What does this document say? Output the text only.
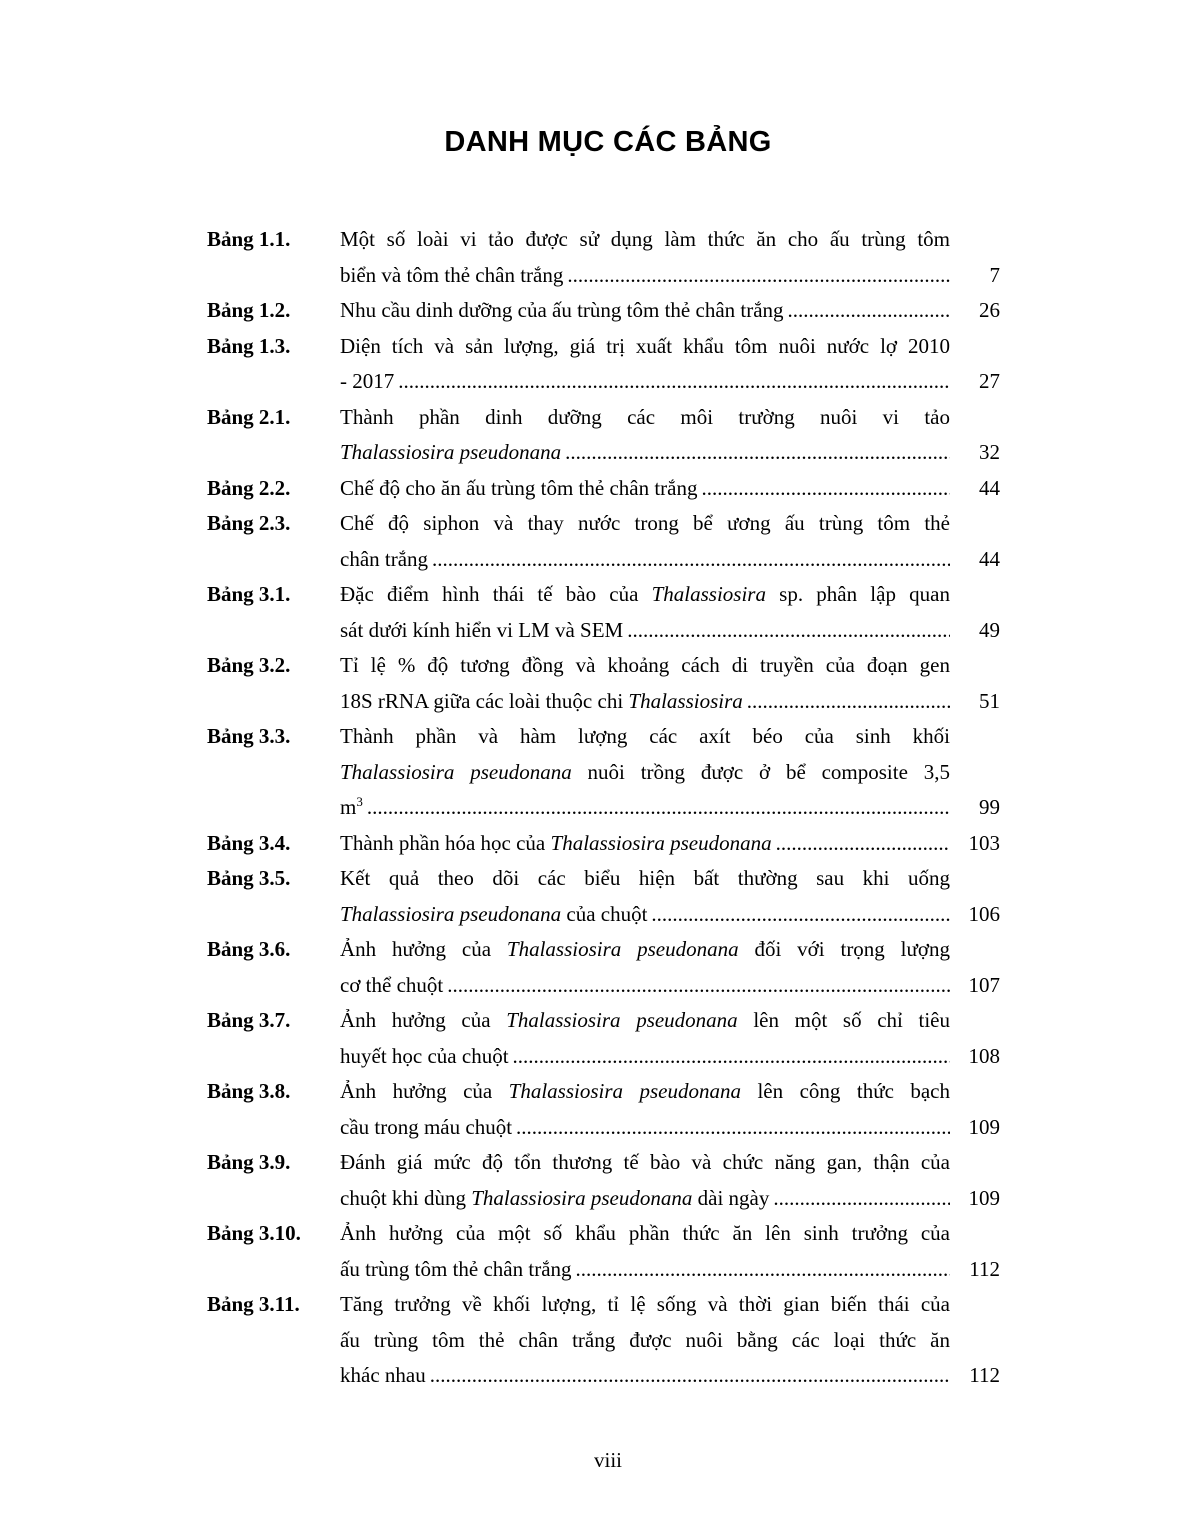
DANH MỤC CÁC BẢNG
Bảng 1.1.	Một số loài vi tảo được sử dụng làm thức ăn cho ấu trùng tôm
biển và tôm thẻ chân trắng .....	7
Bảng 1.2.	Nhu cầu dinh dưỡng của ấu trùng tôm thẻ chân trắng .....	26
Bảng 1.3.	Diện tích và sản lượng, giá trị xuất khẩu tôm nuôi nước lợ 2010
- 2017 .....	27
Bảng 2.1.	Thành phần dinh dưỡng các môi trường nuôi vi tảo
Thalassiosira pseudonana .....	32
Bảng 2.2.	Chế độ cho ăn ấu trùng tôm thẻ chân trắng .....	44
Bảng 2.3.	Chế độ siphon và thay nước trong bể ương ấu trùng tôm thẻ
chân trắng .....	44
Bảng 3.1.	Đặc điểm hình thái tế bào của Thalassiosira sp. phân lập quan
sát dưới kính hiển vi LM và SEM .....	49
Bảng 3.2.	Tỉ lệ % độ tương đồng và khoảng cách di truyền của đoạn gen
18S rRNA giữa các loài thuộc chi Thalassiosira .....	51
Bảng 3.3.	Thành phần và hàm lượng các axít béo của sinh khối
Thalassiosira pseudonana nuôi trồng được ở bể composite 3,5
$m^3$ .....	99
Bảng 3.4.	Thành phần hóa học của Thalassiosira pseudonana .....	103
Bảng 3.5.	Kết quả theo dõi các biểu hiện bất thường sau khi uống
Thalassiosira pseudonana của chuột .....	106
Bảng 3.6.	Ảnh hưởng của Thalassiosira pseudonana đối với trọng lượng
cơ thể chuột .....	107
Bảng 3.7.	Ảnh hưởng của Thalassiosira pseudonana lên một số chỉ tiêu
huyết học của chuột .....	108
Bảng 3.8.	Ảnh hưởng của Thalassiosira pseudonana lên công thức bạch
cầu trong máu chuột .....	109
Bảng 3.9.	Đánh giá mức độ tổn thương tế bào và chức năng gan, thận của
chuột khi dùng Thalassiosira pseudonana dài ngày .....	109
Bảng 3.10.	Ảnh hưởng của một số khẩu phần thức ăn lên sinh trưởng của
ấu trùng tôm thẻ chân trắng .....	112
Bảng 3.11.	Tăng trưởng về khối lượng, tỉ lệ sống và thời gian biến thái của
ấu trùng tôm thẻ chân trắng được nuôi bằng các loại thức ăn
khác nhau .....	112
viii
